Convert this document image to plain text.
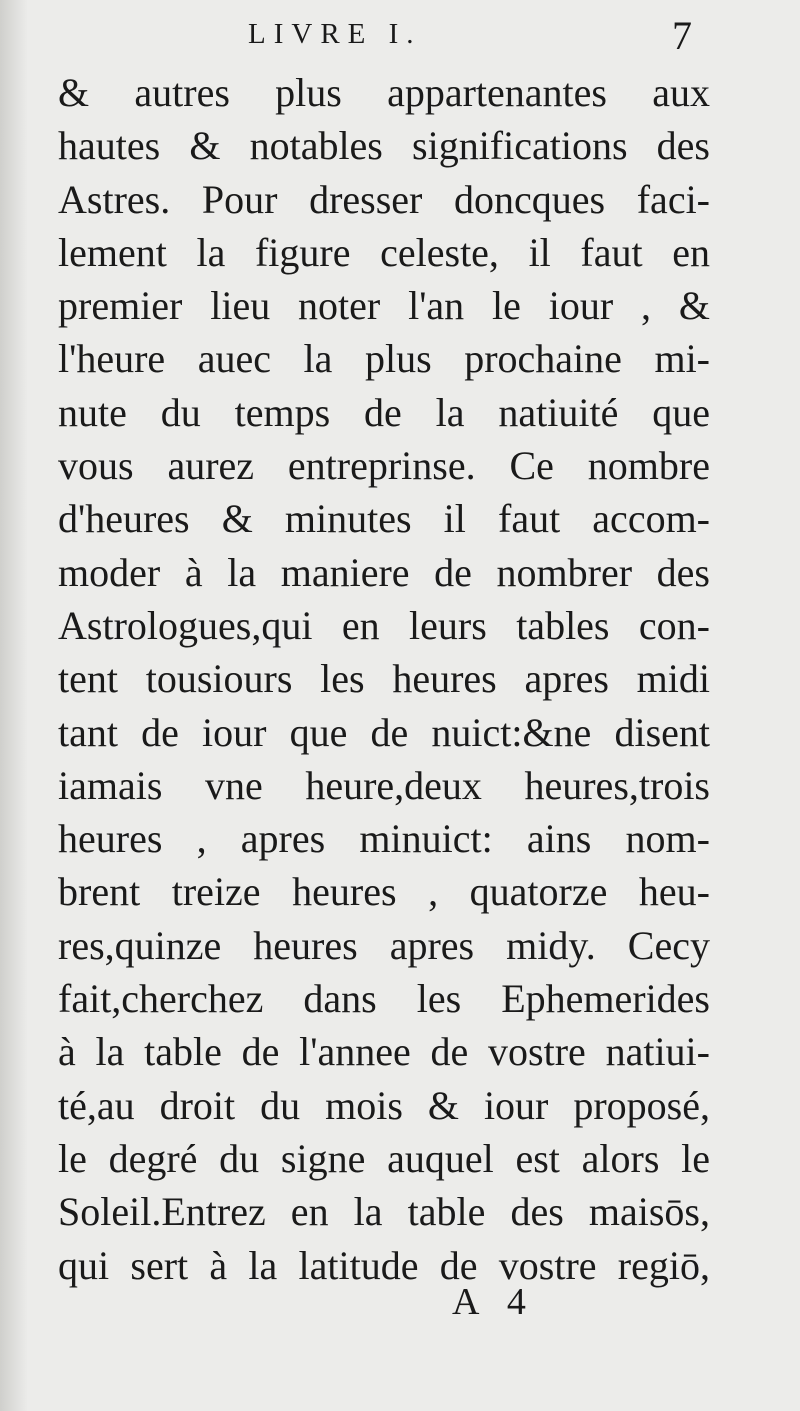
LIVRE I.	7
& autres plus appartenantes aux
hautes & notables significations des
Astres. Pour dresser doncques faci-
lement la figure celeste, il faut en
premier lieu noter l'an le iour , &
l'heure auec la plus prochaine mi-
nute du temps de la natiuité que
vous aurez entreprinse. Ce nombre
d'heures & minutes il faut accom-
moder à la maniere de nombrer des
Astrologues,qui en leurs tables con-
tent tousiours les heures apres midi
tant de iour que de nuict:&ne disent
iamais vne heure,deux heures,trois
heures , apres minuict: ains nom-
brent treize heures , quatorze heu-
res,quinze heures apres midy. Cecy
fait,cherchez dans les Ephemerides
à la table de l'annee de vostre natiui-
té,au droit du mois & iour proposé,
le degré du signe auquel est alors le
Soleil.Entrez en la table des maisōs,
qui sert à la latitude de vostre regiō,
A 4
